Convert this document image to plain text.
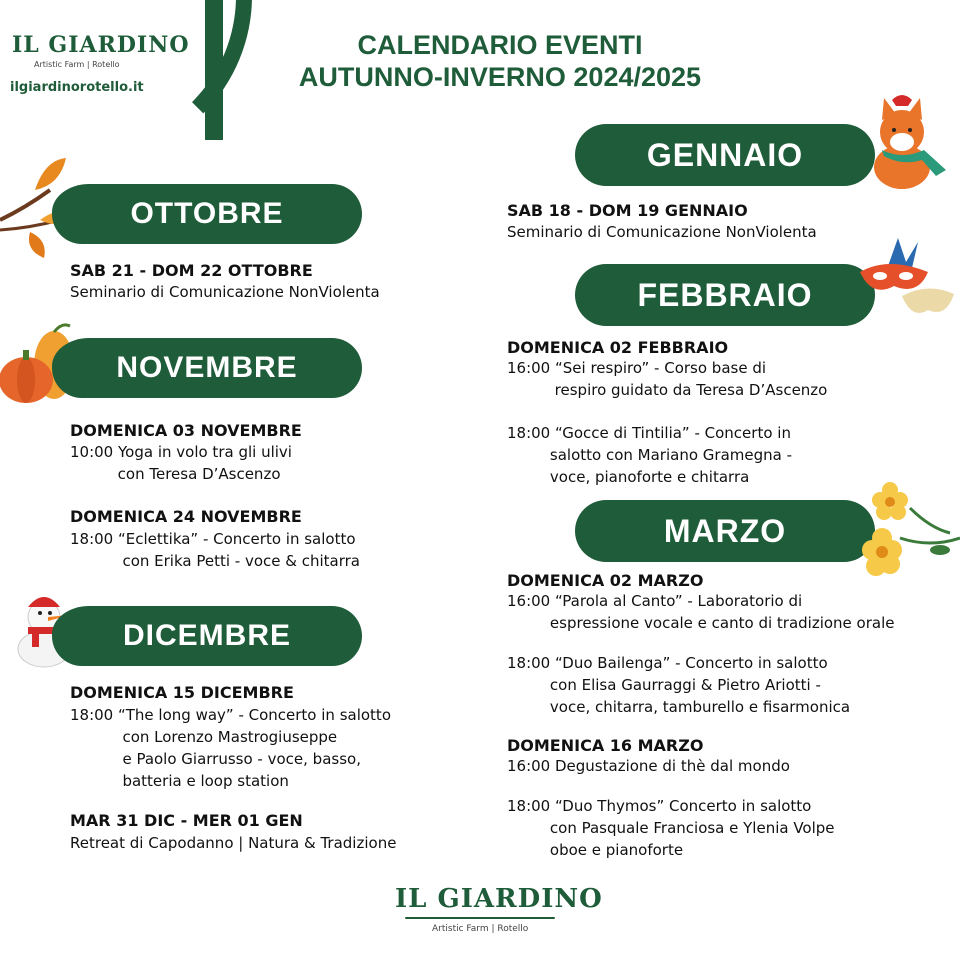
IL GIARDINO
Artistic Farm | Rotello
ilgiardinorotello.it
CALENDARIO EVENTI
AUTUNNO-INVERNO 2024/2025
OTTOBRE
SAB 21 - DOM 22 OTTOBRE
Seminario di Comunicazione NonViolenta
NOVEMBRE
DOMENICA 03 NOVEMBRE
10:00 Yoga in volo tra gli ulivi
con Teresa D’Ascenzo
DOMENICA 24 NOVEMBRE
18:00 “Eclettika” - Concerto in salotto
con Erika Petti - voce & chitarra
DICEMBRE
DOMENICA 15 DICEMBRE
18:00 “The long way” - Concerto in salotto
con Lorenzo Mastrogiuseppe
e Paolo Giarrusso - voce, basso,
batteria e loop station
MAR 31 DIC - MER 01 GEN
Retreat di Capodanno | Natura & Tradizione
GENNAIO
SAB 18 - DOM 19 GENNAIO
Seminario di Comunicazione NonViolenta
FEBBRAIO
DOMENICA 02 FEBBRAIO
16:00 “Sei respiro” - Corso base di
respiro guidato da Teresa D’Ascenzo
18:00 “Gocce di Tintilia” - Concerto in
salotto con Mariano Gramegna -
voce, pianoforte e chitarra
MARZO
DOMENICA 02 MARZO
16:00 “Parola al Canto” - Laboratorio di
espressione vocale e canto di tradizione orale
18:00 “Duo Bailenga” - Concerto in salotto
con Elisa Gaurraggi & Pietro Ariotti -
voce, chitarra, tamburello e fisarmonica
DOMENICA 16 MARZO
16:00 Degustazione di thè dal mondo
18:00 “Duo Thymos” Concerto in salotto
con Pasquale Franciosa e Ylenia Volpe
oboe e pianoforte
IL GIARDINO
Artistic Farm | Rotello
